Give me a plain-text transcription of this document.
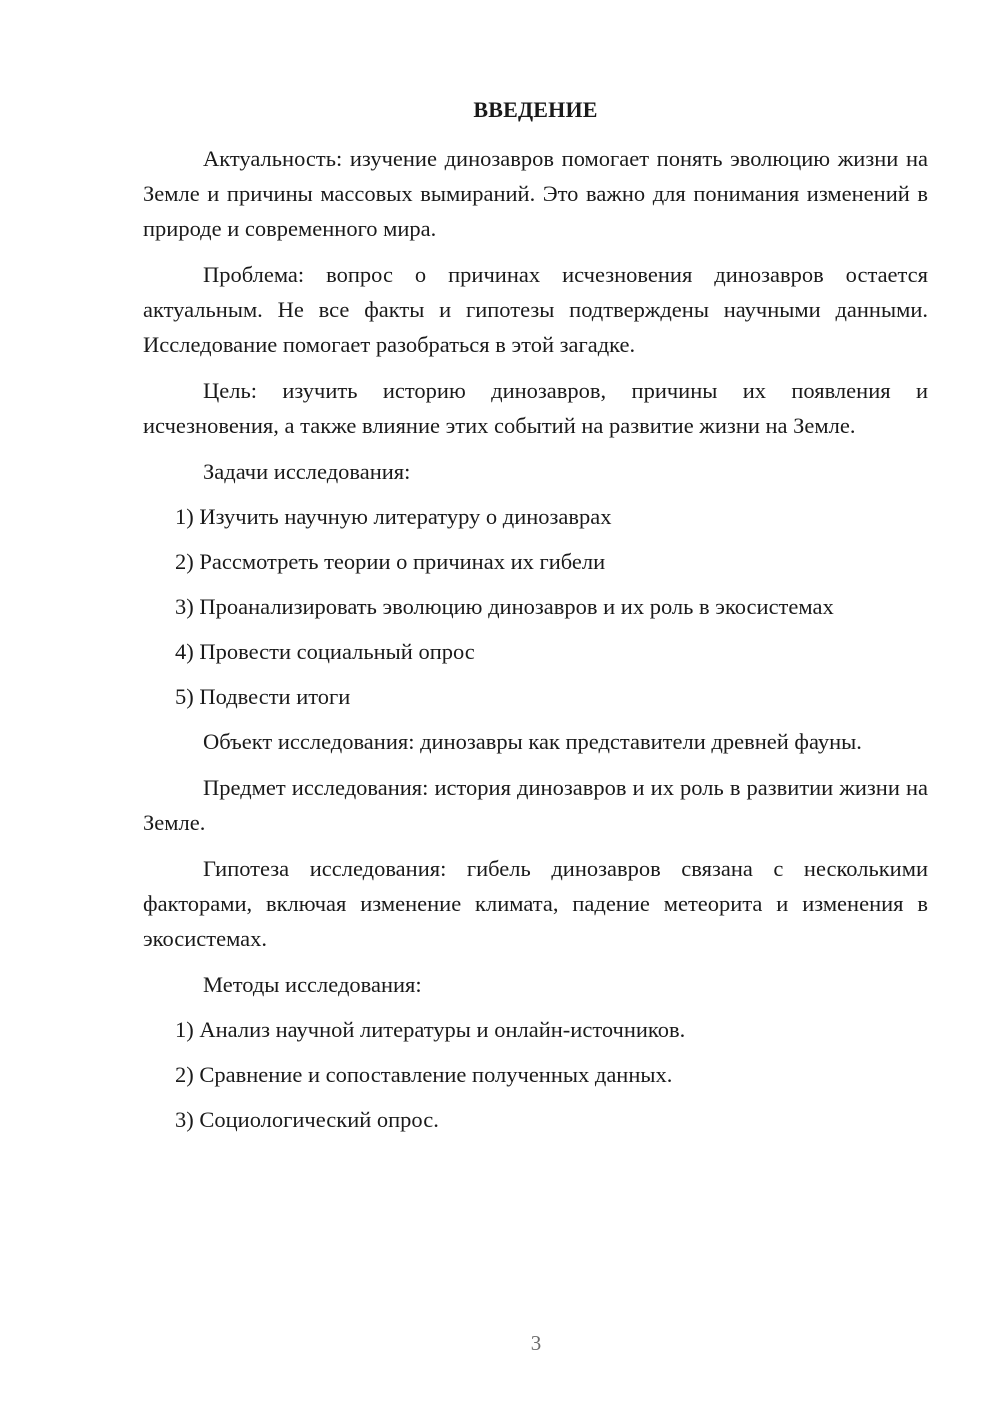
ВВЕДЕНИЕ
Актуальность: изучение динозавров помогает понять эволюцию жизни на Земле и причины массовых вымираний. Это важно для понимания изменений в природе и современного мира.
Проблема: вопрос о причинах исчезновения динозавров остается актуальным. Не все факты и гипотезы подтверждены научными данными. Исследование помогает разобраться в этой загадке.
Цель: изучить историю динозавров, причины их появления и исчезновения, а также влияние этих событий на развитие жизни на Земле.
Задачи исследования:
1) Изучить научную литературу о динозаврах
2) Рассмотреть теории о причинах их гибели
3) Проанализировать эволюцию динозавров и их роль в экосистемах
4) Провести социальный опрос
5) Подвести итоги
Объект исследования: динозавры как представители древней фауны.
Предмет исследования: история динозавров и их роль в развитии жизни на Земле.
Гипотеза исследования: гибель динозавров связана с несколькими факторами, включая изменение климата, падение метеорита и изменения в экосистемах.
Методы исследования:
1) Анализ научной литературы и онлайн-источников.
2) Сравнение и сопоставление полученных данных.
3) Социологический опрос.
3
